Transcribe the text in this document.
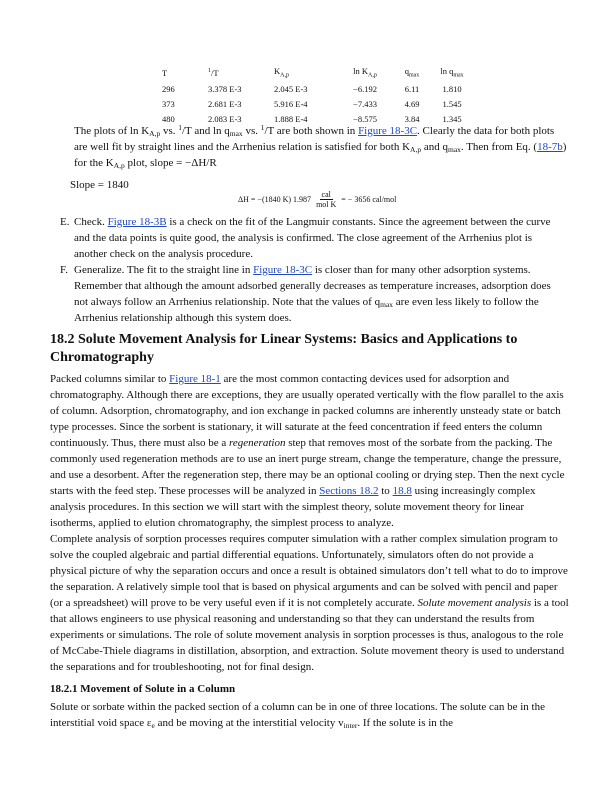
T	$^1$/T	$K_{A,p}$	$\ln K_{A,p}$	$q_{max}$	$\ln q_{max}$
296	3.378 E-3	2.045 E-3	−6.192	6.11	1.810
373	2.681 E-3	5.916 E-4	−7.433	4.69	1.545
480	2.083 E-3	1.888 E-4	−8.575	3.84	1.345

The plots of $\ln K_{A,p}$ vs. $^1$/T and $\ln q_{max}$ vs. $^1$/T are both shown in Figure 18-3C. Clearly the data for both plots are well fit by straight lines and the Arrhenius relation is satisfied for both $K_{A,p}$ and $q_{max}$. Then from Eq. (18-7b) for the $K_{A,p}$ plot, slope = −ΔH/R

Slope = 1840

ΔH = −(1840 K) $1.987 \frac{\text{cal}}{\text{mol K}}$ = − 3656 cal/mol
E. Check. Figure 18-3B is a check on the fit of the Langmuir constants. Since the agreement between the curve and the data points is quite good, the analysis is confirmed. The close agreement of the Arrhenius plot is another check on the analysis procedure.

F. Generalize. The fit to the straight line in Figure 18-3C is closer than for many other adsorption systems. Remember that although the amount adsorbed generally decreases as temperature increases, adsorption does not always follow an Arrhenius relationship. Note that the values of $q_{max}$ are even less likely to follow the Arrhenius relationship although this system does.

18.2 Solute Movement Analysis for Linear Systems: Basics and Applications to Chromatography

Packed columns similar to Figure 18-1 are the most common contacting devices used for adsorption and chromatography. Although there are exceptions, they are usually operated vertically with the flow parallel to the axis of column. Adsorption, chromatography, and ion exchange in packed columns are inherently unsteady state or batch type processes. Since the sorbent is stationary, it will saturate at the feed concentration if feed enters the column continuously. Thus, there must also be a regeneration step that removes most of the sorbate from the packing. The commonly used regeneration methods are to use an inert purge stream, change the temperature, change the pressure, and use a desorbent. After the regeneration step, there may be an optional cooling or drying step. Then the next cycle starts with the feed step. These processes will be analyzed in Sections 18.2 to 18.8 using increasingly complex analysis procedures. In this section we will start with the simplest theory, solute movement theory for linear isotherms, applied to elution chromatography, the simplest process to analyze.

Complete analysis of sorption processes requires computer simulation with a rather complex simulation program to solve the coupled algebraic and partial differential equations. Unfortunately, simulators often do not provide a physical picture of why the separation occurs and once a result is obtained simulators don’t tell what to do to improve the separation. A relatively simple tool that is based on physical arguments and can be solved with pencil and paper (or a spreadsheet) will prove to be very useful even if it is not completely accurate. Solute movement analysis is a tool that allows engineers to use physical reasoning and understanding so that they can understand the results from experiments or simulations. The role of solute movement analysis in sorption processes is thus, analogous to the role of McCabe-Thiele diagrams in distillation, absorption, and extraction. Solute movement theory is used to understand the separations and for troubleshooting, not for final design.

18.2.1 Movement of Solute in a Column

Solute or sorbate within the packed section of a column can be in one of three locations. The solute can be in the interstitial void space $\varepsilon_e$ and be moving at the interstitial velocity $v_{inter}$. If the solute is in the
